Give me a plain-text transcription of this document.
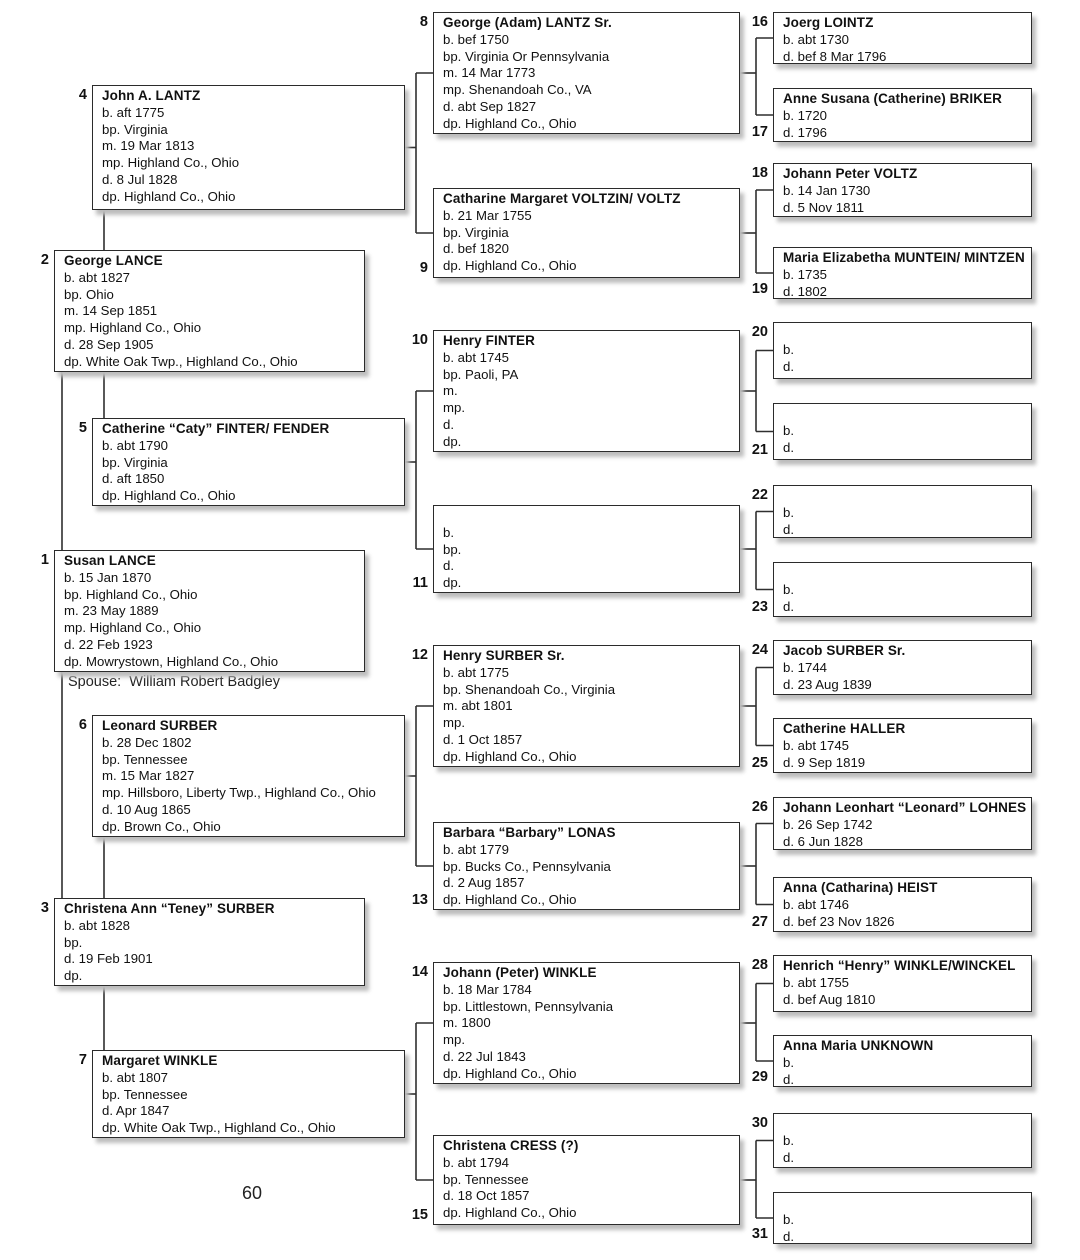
Spouse:  William Robert Badgley
60
Susan LANCE
b. 15 Jan 1870
bp. Highland Co., Ohio
m. 23 May 1889
mp. Highland Co., Ohio
d. 22 Feb 1923
dp. Mowrystown, Highland Co., Ohio
1
George LANCE
b. abt 1827
bp. Ohio
m. 14 Sep 1851
mp. Highland Co., Ohio
d. 28 Sep 1905
dp. White Oak Twp., Highland Co., Ohio
2
Christena Ann “Teney” SURBER
b. abt 1828
bp.
d. 19 Feb 1901
dp.
3
John A. LANTZ
b. aft 1775
bp. Virginia
m. 19 Mar 1813
mp. Highland Co., Ohio
d. 8 Jul 1828
dp. Highland Co., Ohio
4
Catherine “Caty” FINTER/ FENDER
b. abt 1790
bp. Virginia
d. aft 1850
dp. Highland Co., Ohio
5
Leonard SURBER
b. 28 Dec 1802
bp. Tennessee
m. 15 Mar 1827
mp. Hillsboro, Liberty Twp., Highland Co., Ohio
d. 10 Aug 1865
dp. Brown Co., Ohio
6
Margaret WINKLE
b. abt 1807
bp. Tennessee
d. Apr 1847
dp. White Oak Twp., Highland Co., Ohio
7
George (Adam) LANTZ Sr.
b. bef 1750
bp. Virginia Or Pennsylvania
m. 14 Mar 1773
mp. Shenandoah Co., VA
d. abt Sep 1827
dp. Highland Co., Ohio
8
Catharine Margaret VOLTZIN/ VOLTZ
b. 21 Mar 1755
bp. Virginia
d. bef 1820
dp. Highland Co., Ohio
9
Henry FINTER
b. abt 1745
bp. Paoli, PA
m.
mp.
d.
dp.
10
b.
bp.
d.
dp.
11
Henry SURBER Sr.
b. abt 1775
bp. Shenandoah Co., Virginia
m. abt 1801
mp.
d. 1 Oct 1857
dp. Highland Co., Ohio
12
Barbara “Barbary” LONAS
b. abt 1779
bp. Bucks Co., Pennsylvania
d. 2 Aug 1857
dp. Highland Co., Ohio
13
Johann (Peter) WINKLE
b. 18 Mar 1784
bp. Littlestown, Pennsylvania
m. 1800
mp.
d. 22 Jul 1843
dp. Highland Co., Ohio
14
Christena CRESS (?)
b. abt 1794
bp. Tennessee
d. 18 Oct 1857
dp. Highland Co., Ohio
15
Joerg LOINTZ
b. abt 1730
d. bef 8 Mar 1796
16
Anne Susana (Catherine) BRIKER
b. 1720
d. 1796
17
Johann Peter VOLTZ
b. 14 Jan 1730
d. 5 Nov 1811
18
Maria Elizabetha MUNTEIN/ MINTZEN
b. 1735
d. 1802
19
b.
d.
20
b.
d.
21
b.
d.
22
b.
d.
23
Jacob SURBER Sr.
b. 1744
d. 23 Aug 1839
24
Catherine HALLER
b. abt 1745
d. 9 Sep 1819
25
Johann Leonhart “Leonard” LOHNES
b. 26 Sep 1742
d. 6 Jun 1828
26
Anna (Catharina) HEIST
b. abt 1746
d. bef 23 Nov 1826
27
Henrich “Henry” WINKLE/WINCKEL
b. abt 1755
d. bef Aug 1810
28
Anna Maria UNKNOWN
b.
d.
29
b.
d.
30
b.
d.
31
